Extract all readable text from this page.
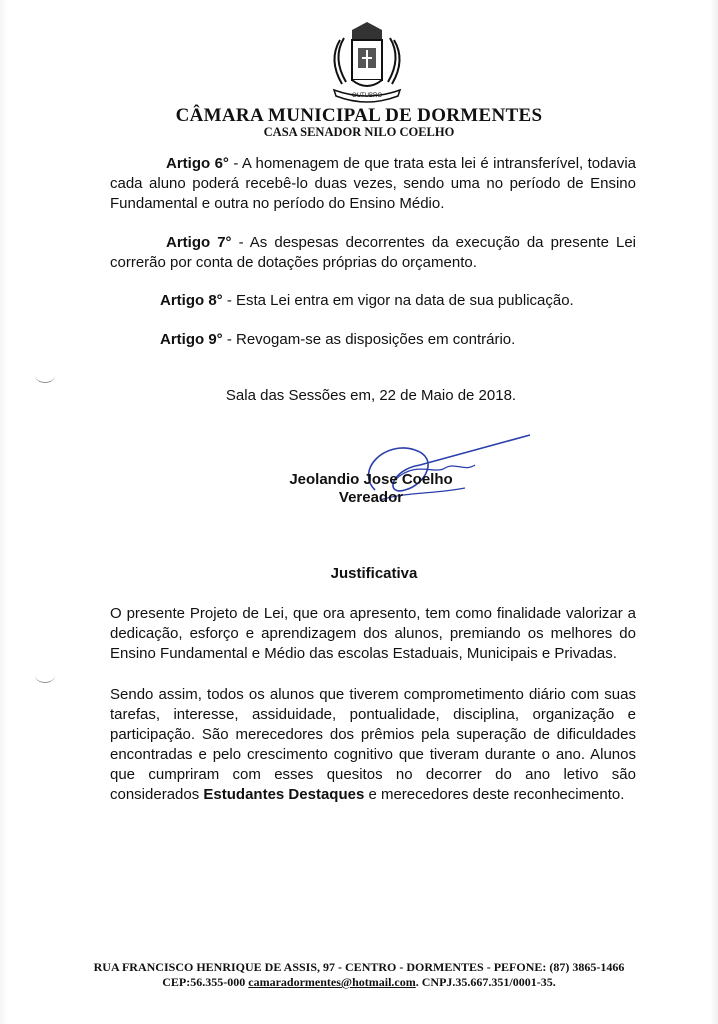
OUTUBRO
CÂMARA MUNICIPAL DE DORMENTES
CASA SENADOR NILO COELHO
Artigo 6° - A homenagem de que trata esta lei é intransferível, todavia cada aluno poderá recebê-lo duas vezes, sendo uma no período de Ensino Fundamental e outra no período do Ensino Médio.
Artigo 7° - As despesas decorrentes da execução da presente Lei correrão por conta de dotações próprias do orçamento.
Artigo 8° - Esta Lei entra em vigor na data de sua publicação.
Artigo 9° - Revogam-se as disposições em contrário.
Sala das Sessões em, 22 de Maio de 2018.
Jeolandio Jose Coelho
Vereador
Justificativa
O presente Projeto de Lei, que ora apresento, tem como finalidade valorizar a dedicação, esforço e aprendizagem dos alunos, premiando os melhores do Ensino Fundamental e Médio das escolas Estaduais, Municipais e Privadas.
Sendo assim, todos os alunos que tiverem comprometimento diário com suas tarefas, interesse, assiduidade, pontualidade, disciplina, organização e participação. São merecedores dos prêmios pela superação de dificuldades encontradas e pelo crescimento cognitivo que tiveram durante o ano. Alunos que cumpriram com esses quesitos no decorrer do ano letivo são considerados Estudantes Destaques e merecedores deste reconhecimento.
RUA FRANCISCO HENRIQUE DE ASSIS, 97 - CENTRO - DORMENTES - PEFONE: (87) 3865-1466
CEP:56.355-000 camaradormentes@hotmail.com. CNPJ.35.667.351/0001-35.
